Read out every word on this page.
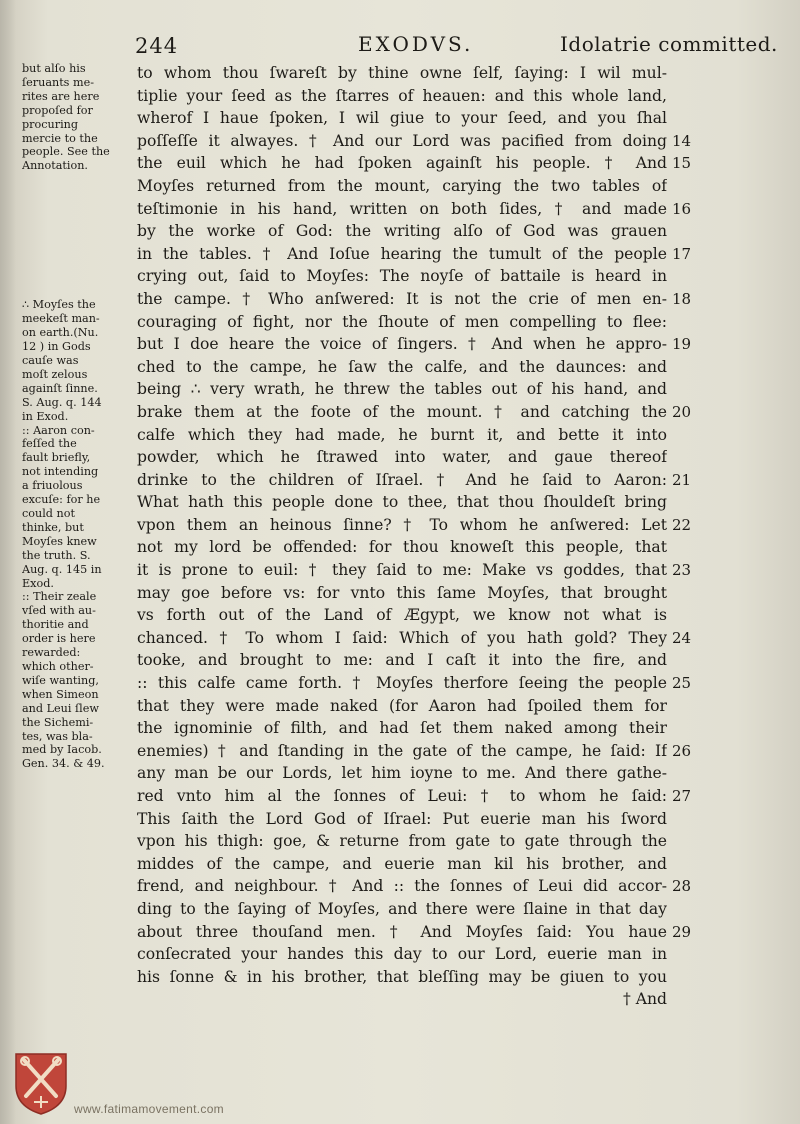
244	EXODVS.	Idolatrie committed.
but alſo his
ſeruants me-
rites are here
propoſed for
procuring
mercie to the
people. See the
Annotation.

∴ Moyſes the
meekeſt man-
on earth.(Nu.
12 ) in Gods
cauſe was
moſt zelous
againſt ſinne.
S. Aug. q. 144
in Exod.
:: Aaron con-
feſſed the
fault briefly,
not intending
a friuolous
excuſe: for he
could not
thinke, but
Moyſes knew
the truth. S.
Aug. q. 145 in
Exod.
:: Their zeale
vſed with au-
thoritie and
order is here
rewarded:
which other-
wiſe wanting,
when Simeon
and Leui ſlew
the Sichemi-
tes, was bla-
med by Iacob.
Gen. 34. & 49.
to whom thou ſwareſt by thine owne ſelf, ſaying: I wil mul-
tiplie your ſeed as the ſtarres of heauen: and this whole land,
wherof I haue ſpoken, I wil giue to your ſeed, and you ſhal
poſſeſſe it alwayes. † And our Lord was pacified from doing
the euil which he had ſpoken againſt his people. † And
Moyſes returned from the mount, carying the two tables of
teſtimonie in his hand, written on both ſides, † and made
by the worke of God: the writing alſo of God was grauen
in the tables. † And Ioſue hearing the tumult of the people
crying out, ſaid to Moyſes: The noyſe of battaile is heard in
the campe. † Who anſwered: It is not the crie of men en-
couraging of fight, nor the ſhoute of men compelling to flee:
but I doe heare the voice of ſingers. † And when he appro-
ched to the campe, he ſaw the calfe, and the daunces: and
being ∴ very wrath, he threw the tables out of his hand, and
brake them at the foote of the mount. † and catching the
calfe which they had made, he burnt it, and bette it into
powder, which he ſtrawed into water, and gaue thereof
drinke to the children of Iſrael. † And he ſaid to Aaron:
What hath this people done to thee, that thou ſhouldeſt bring
vpon them an heinous ſinne? † To whom he anſwered: Let
not my lord be offended: for thou knoweſt this people, that
it is prone to euil: † they ſaid to me: Make vs goddes, that
may goe before vs: for vnto this ſame Moyſes, that brought
vs forth out of the Land of Ægypt, we know not what is
chanced. † To whom I ſaid: Which of you hath gold? They
tooke, and brought to me: and I caſt it into the fire, and
:: this calfe came forth. † Moyſes therfore ſeeing the people
that they were made naked (for Aaron had ſpoiled them for
the ignominie of filth, and had ſet them naked among their
enemies) † and ſtanding in the gate of the campe, he ſaid: If
any man be our Lords, let him ioyne to me. And there gathe-
red vnto him al the ſonnes of Leui: † to whom he ſaid:
This ſaith the Lord God of Iſrael: Put euerie man his ſword
vpon his thigh: goe, & returne from gate to gate through the
middes of the campe, and euerie man kil his brother, and
frend, and neighbour. † And :: the ſonnes of Leui did accor-
ding to the ſaying of Moyſes, and there were ſlaine in that day
about three thouſand men. † And Moyſes ſaid: You haue
conſecrated your handes this day to our Lord, euerie man in
his ſonne & in his brother, that bleſſing may be giuen to you
† And
14
15
16
17
18
19
20
21
22
23
24
25
26
27
28
29
www.fatimamovement.com
